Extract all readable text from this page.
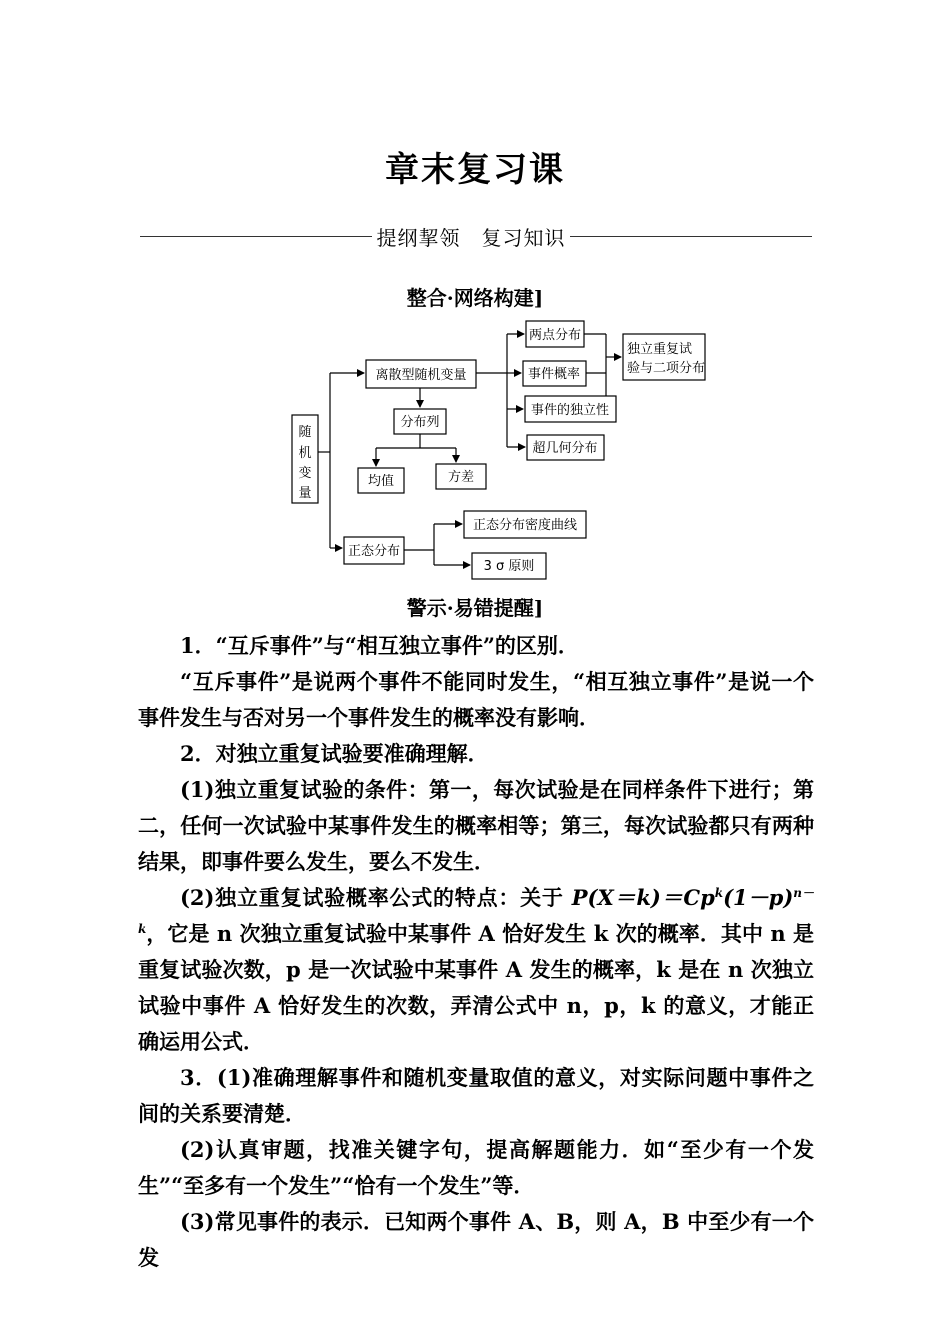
章末复习课
提纲挈领　复习知识
整合·网络构建]
随
机
变
量
离散型随机变量
分布列
均值	方差
两点分布
事件概率
事件的独立性
超几何分布
独立重复试
验与二项分布
正态分布
正态分布密度曲线
3 σ 原则
警示·易错提醒]

1．“互斥事件”与“相互独立事件”的区别．

“互斥事件”是说两个事件不能同时发生，“相互独立事件”是说一个事件发生与否对另一个事件发生的概率没有影响．

2．对独立重复试验要准确理解．

(1)独立重复试验的条件：第一，每次试验是在同样条件下进行；第二，任何一次试验中某事件发生的概率相等；第三，每次试验都只有两种结果，即事件要么发生，要么不发生．

(2)独立重复试验概率公式的特点：关于 $P(X=k)=Cp^k(1-p)^{n-k}$，它是 n 次独立重复试验中某事件 A 恰好发生 k 次的概率．其中 n 是重复试验次数，p 是一次试验中某事件 A 发生的概率，k 是在 n 次独立试验中事件 A 恰好发生的次数，弄清公式中 n，p，k 的意义，才能正确运用公式．

3．(1)准确理解事件和随机变量取值的意义，对实际问题中事件之间的关系要清楚．

(2)认真审题，找准关键字句，提高解题能力．如“至少有一个发生”“至多有一个发生”“恰有一个发生”等．

(3)常见事件的表示．已知两个事件 A、B，则 A，B 中至少有一个发
